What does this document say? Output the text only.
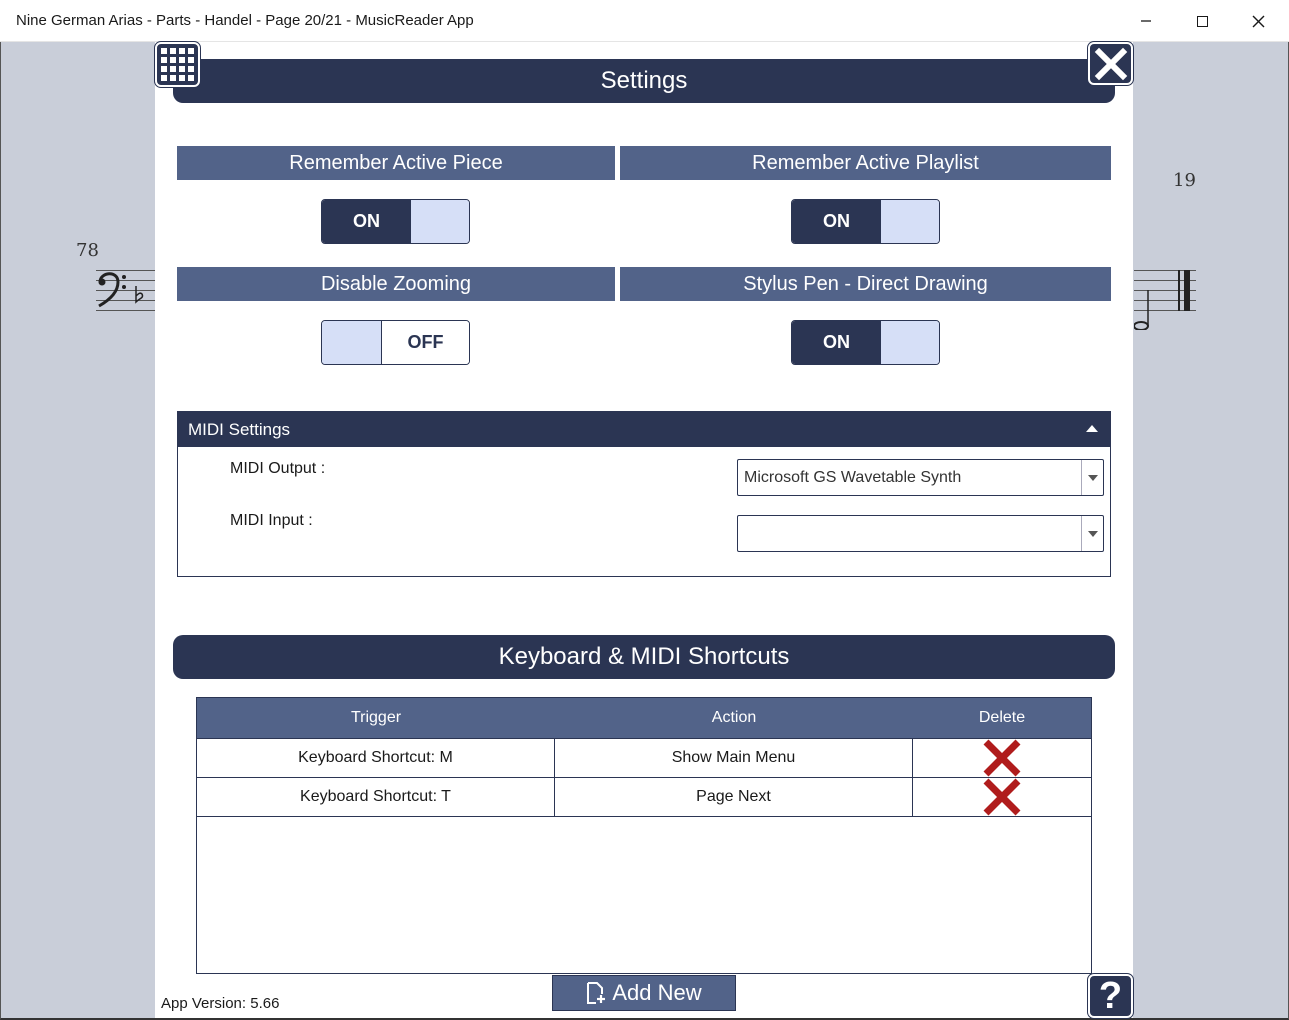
Nine German Arias - Parts - Handel - Page 20/21 - MusicReader App
78
19
Settings
Remember Active Piece
ON
Remember Active Playlist
ON
Disable Zooming
OFF
Stylus Pen - Direct Drawing
ON
MIDI Settings
MIDI Output :	Microsoft GS Wavetable Synth
MIDI Input :
Keyboard & MIDI Shortcuts
Trigger	Action	Delete
Keyboard Shortcut: M	Show Main Menu
Keyboard Shortcut: T	Page Next
Add New
App Version: 5.66	?
